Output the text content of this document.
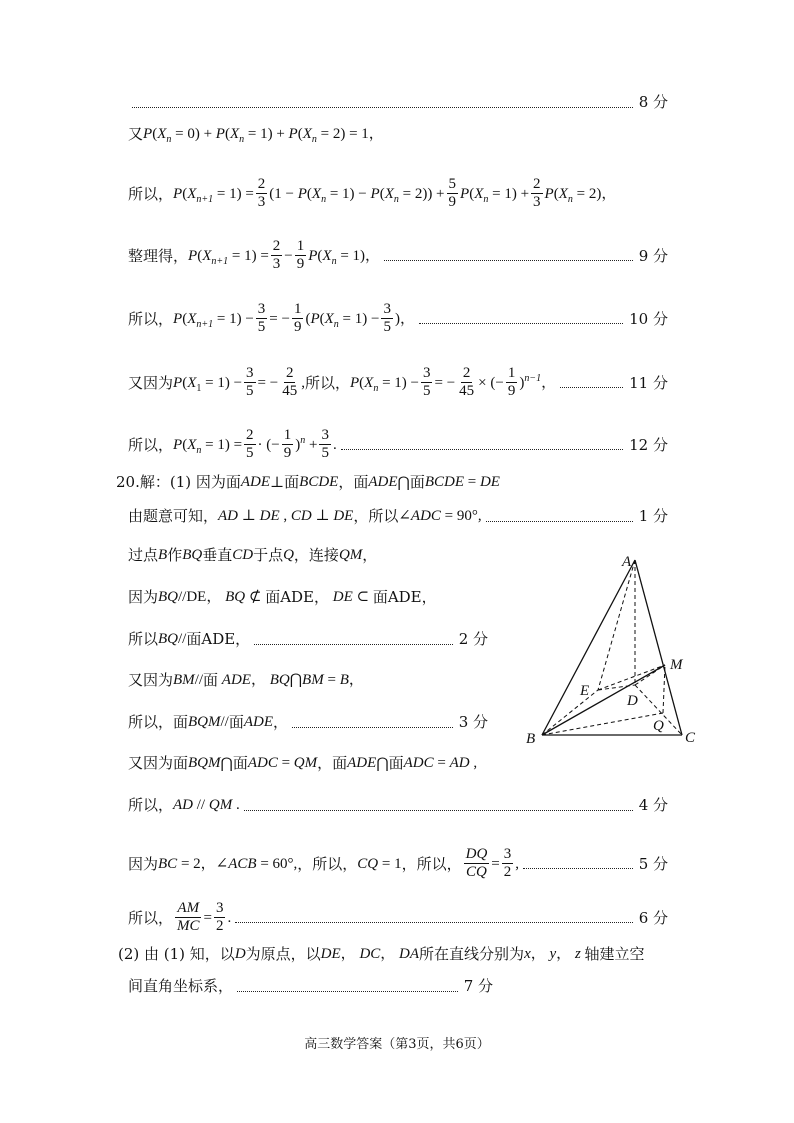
8 分
又 $P(X_n = 0) + P(X_n = 1) + P(X_n = 2) = 1$，
所以， $P(X_{n+1} = 1) = \frac{2}{3} (1 - P(X_n = 1) - P(X_n = 2)) + \frac{5}{9} P(X_n = 1) + \frac{2}{3} P(X_n = 2)$，
整理得， $P(X_{n+1} = 1) = \frac{2}{3} - \frac{1}{9} P(X_n = 1)$，	9 分
所以， $P(X_{n+1} = 1) - \frac{3}{5}$ = − $\frac{1}{9} (P(X_n = 1) - \frac{3}{5}$ )，	10 分
又因为 $P(X_1 = 1) - \frac{3}{5}$ = − $\frac{2}{45}$ , 所以， $P(X_n = 1) - \frac{3}{5}$ = − $\frac{2}{45}$ × (− $\frac{1}{9} )^{n-1}$，	11 分
所以， $P(X_n = 1) = \frac{2}{5}$ · (− $\frac{1}{9} )^n + \frac{3}{5}$ .	12 分
20.解：(1) 因为面 ADE ⊥面 BCDE ，面 ADE ⋂面 BCDE = DE
由题意可知， AD ⊥ DE , CD ⊥ DE ，所以 ∠ADC = 90°,	1 分
过点 B 作 BQ 垂直 CD 于点 Q ，连接 QM ，
因为 BQ//DE， BQ ⊄ 面ADE， DE ⊂ 面ADE，
所以 BQ// 面ADE，	2 分
又因为 BM// 面 ADE， BQ⋂BM = B，
所以，面 BQM// 面 ADE ，	3 分
又因为面 BQM ⋂面 ADC = QM ，面 ADE ⋂面 ADC = AD ,
所以， AD // QM .	4 分
因为 BC = 2，∠ACB = 60°, ，所以， CQ = 1 ，所以， $\frac{DQ}{CQ} = \frac{3}{2}$ ,	5 分
所以， $\frac{AM}{MC} = \frac{3}{2}$ .	6 分
(2) 由 (1) 知，以 D 为原点，以 DE， DC， DA 所在直线分别为 x， y， z 轴建立空
间直角坐标系，	7 分
A
M
E
D
Q
B	C
高三数学答案（第3页，共6页）
